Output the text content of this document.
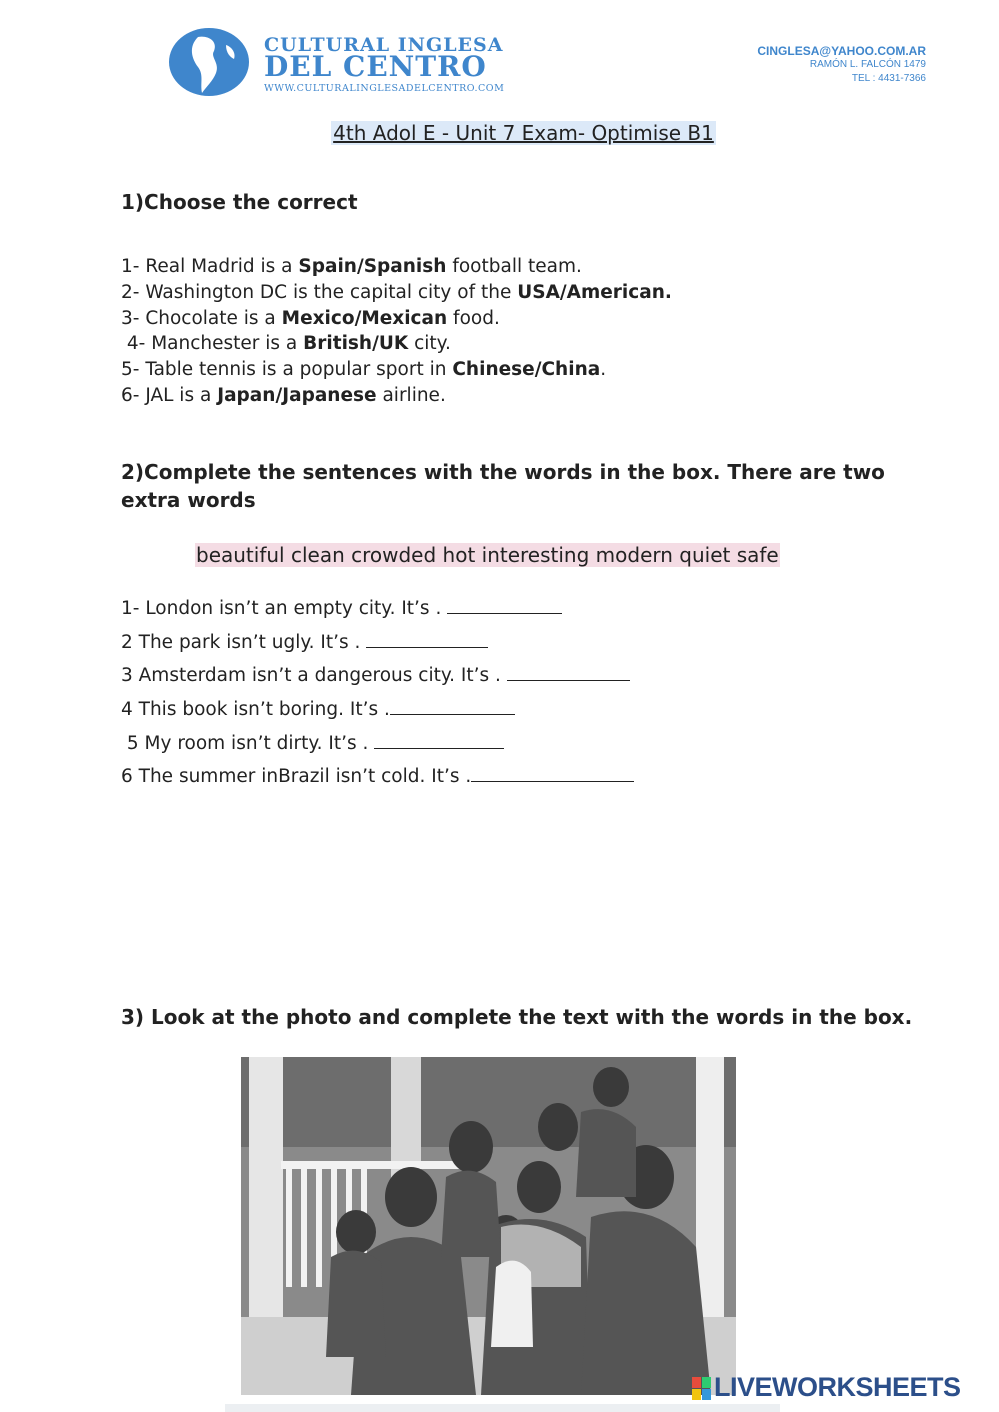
CULTURAL INGLESA
DEL CENTRO
WWW.CULTURALINGLESADELCENTRO.COM
CINGLESA@YAHOO.COM.AR
RAMÓN L. FALCÓN 1479
TEL : 4431-7366
4th Adol E - Unit 7 Exam- Optimise B1
1)Choose the correct
1- Real Madrid is a Spain/Spanish football team.
2- Washington DC is the capital city of the USA/American.
3- Chocolate is a Mexico/Mexican food.
4- Manchester is a British/UK city.
5- Table tennis is a popular sport in Chinese/China.
6- JAL is a Japan/Japanese airline.
2)Complete the sentences with the words in the box. There are two
extra words
beautiful clean crowded hot interesting modern quiet safe
1- London isn’t an empty city. It’s .
2 The park isn’t ugly. It’s .
3 Amsterdam isn’t a dangerous city. It’s .
4 This book isn’t boring. It’s .
5 My room isn’t dirty. It’s .
6 The summer inBrazil isn’t cold. It’s .
3) Look at the photo and complete the text with the words in the box.
LIVEWORKSHEETS
